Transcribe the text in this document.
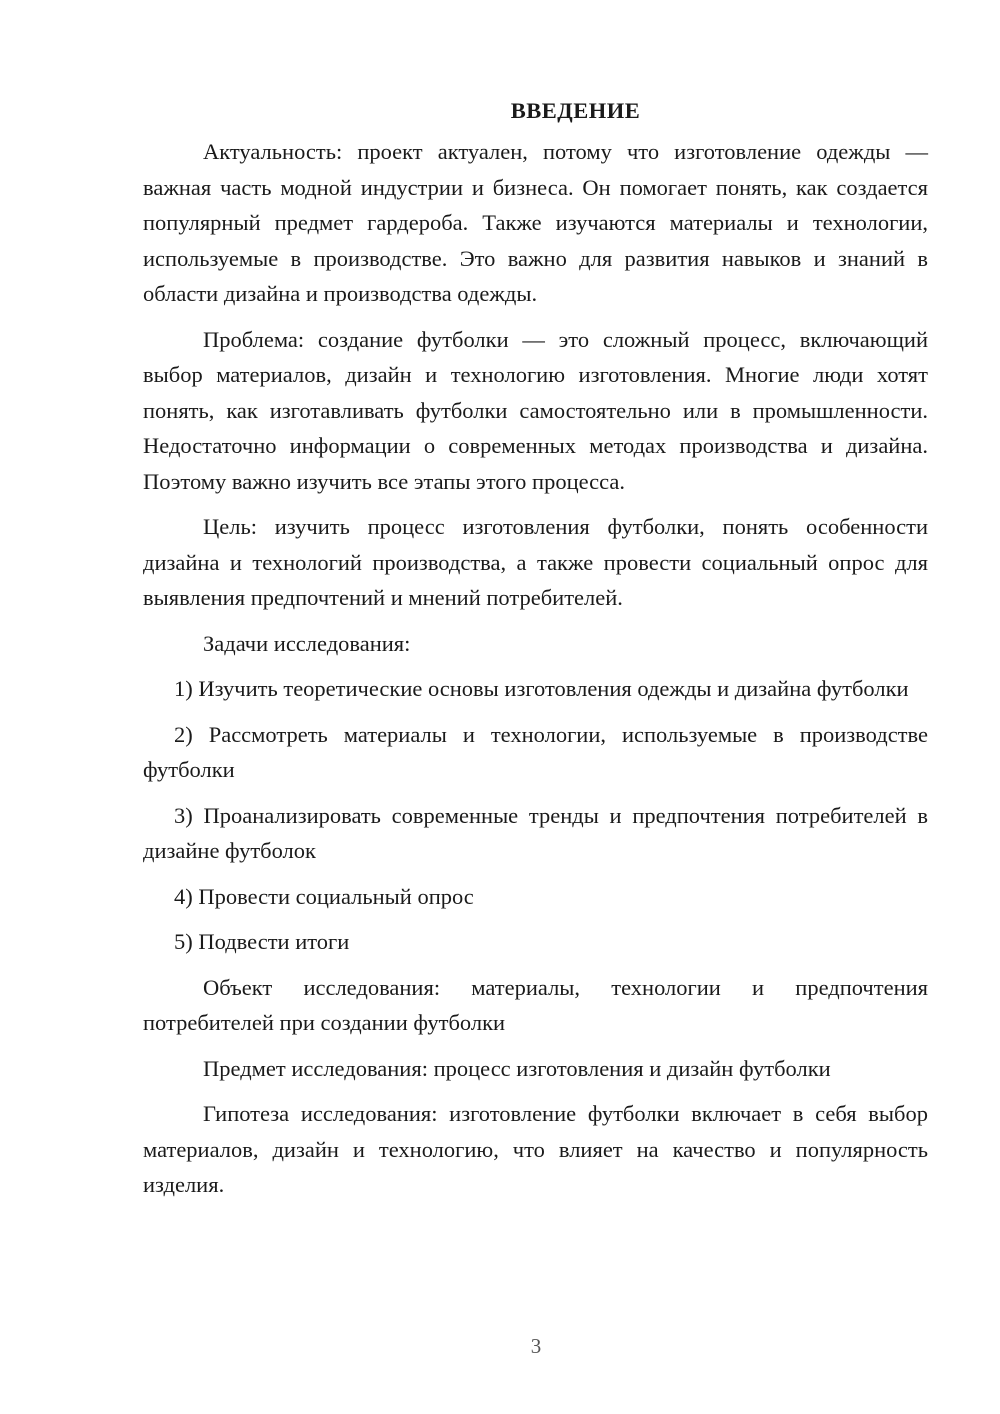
ВВЕДЕНИЕ

Актуальность: проект актуален, потому что изготовление одежды — важная часть модной индустрии и бизнеса. Он помогает понять, как создается популярный предмет гардероба. Также изучаются материалы и технологии, используемые в производстве. Это важно для развития навыков и знаний в области дизайна и производства одежды.

Проблема: создание футболки — это сложный процесс, включающий выбор материалов, дизайн и технологию изготовления. Многие люди хотят понять, как изготавливать футболки самостоятельно или в промышленности. Недостаточно информации о современных методах производства и дизайна. Поэтому важно изучить все этапы этого процесса.

Цель: изучить процесс изготовления футболки, понять особенности дизайна и технологий производства, а также провести социальный опрос для выявления предпочтений и мнений потребителей.

Задачи исследования:

1) Изучить теоретические основы изготовления одежды и дизайна футболки

2) Рассмотреть материалы и технологии, используемые в производстве футболки

3) Проанализировать современные тренды и предпочтения потребителей в дизайне футболок

4) Провести социальный опрос

5) Подвести итоги

Объект исследования: материалы, технологии и предпочтения потребителей при создании футболки

Предмет исследования: процесс изготовления и дизайн футболки

Гипотеза исследования: изготовление футболки включает в себя выбор материалов, дизайн и технологию, что влияет на качество и популярность изделия.

3
